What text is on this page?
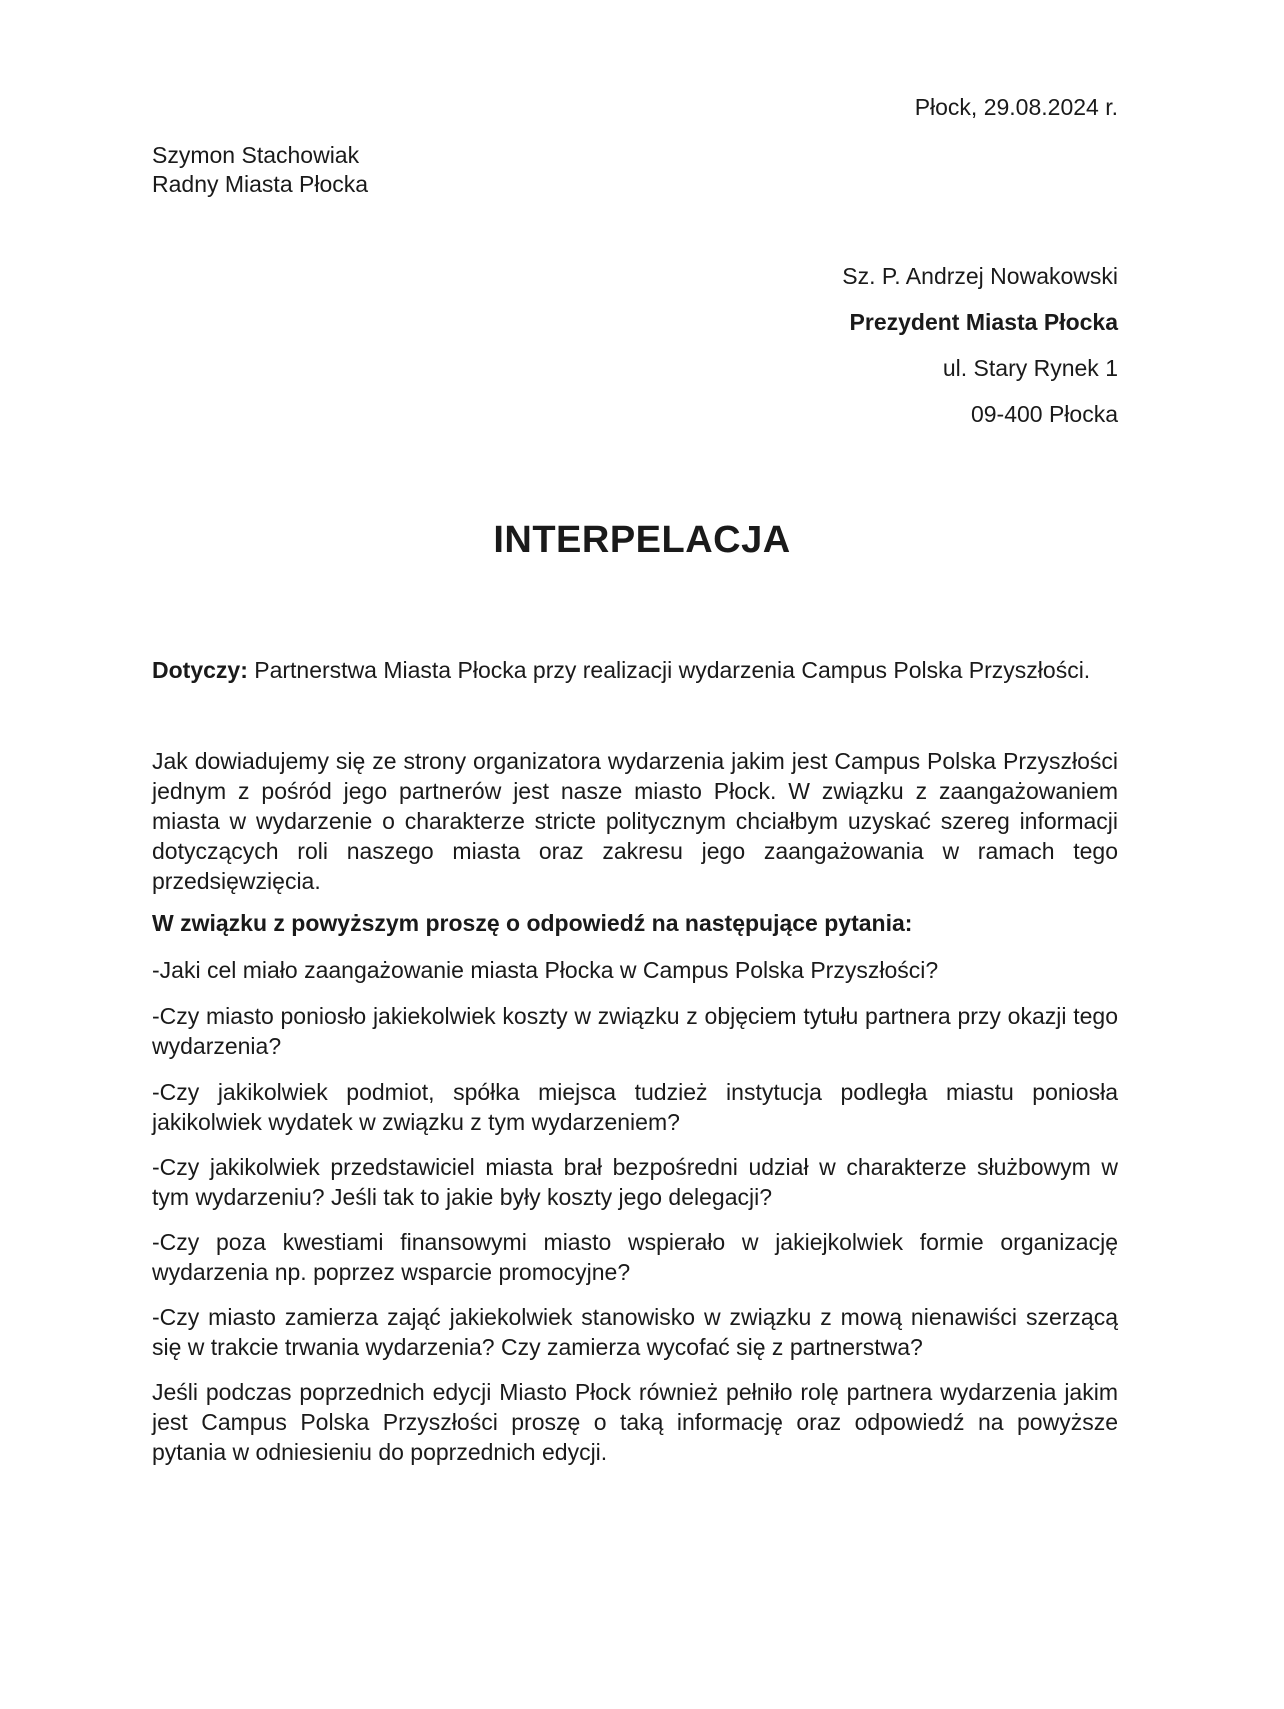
Płock, 29.08.2024 r.
Szymon Stachowiak
Radny Miasta Płocka
Sz. P. Andrzej Nowakowski
Prezydent Miasta Płocka
ul. Stary Rynek 1
09-400 Płocka
INTERPELACJA
Dotyczy: Partnerstwa Miasta Płocka przy realizacji wydarzenia Campus Polska Przyszłości.
Jak dowiadujemy się ze strony organizatora wydarzenia jakim jest Campus Polska Przyszłości jednym z pośród jego partnerów jest nasze miasto Płock. W związku z zaangażowaniem miasta w wydarzenie o charakterze stricte politycznym chciałbym uzyskać szereg informacji dotyczących roli naszego miasta oraz zakresu jego zaangażowania w ramach tego przedsięwzięcia.
W związku z powyższym proszę o odpowiedź na następujące pytania:
-Jaki cel miało zaangażowanie miasta Płocka w Campus Polska Przyszłości?
-Czy miasto poniosło jakiekolwiek koszty w związku z objęciem tytułu partnera przy okazji tego wydarzenia?
-Czy jakikolwiek podmiot, spółka miejsca tudzież instytucja podległa miastu poniosła jakikolwiek wydatek w związku z tym wydarzeniem?
-Czy jakikolwiek przedstawiciel miasta brał bezpośredni udział w charakterze służbowym w tym wydarzeniu? Jeśli tak to jakie były koszty jego delegacji?
-Czy poza kwestiami finansowymi miasto wspierało w jakiejkolwiek formie organizację wydarzenia np. poprzez wsparcie promocyjne?
-Czy miasto zamierza zająć jakiekolwiek stanowisko w związku z mową nienawiści szerzącą się w trakcie trwania wydarzenia? Czy zamierza wycofać się z partnerstwa?
Jeśli podczas poprzednich edycji Miasto Płock również pełniło rolę partnera wydarzenia jakim jest Campus Polska Przyszłości proszę o taką informację oraz odpowiedź na powyższe pytania w odniesieniu do poprzednich edycji.
